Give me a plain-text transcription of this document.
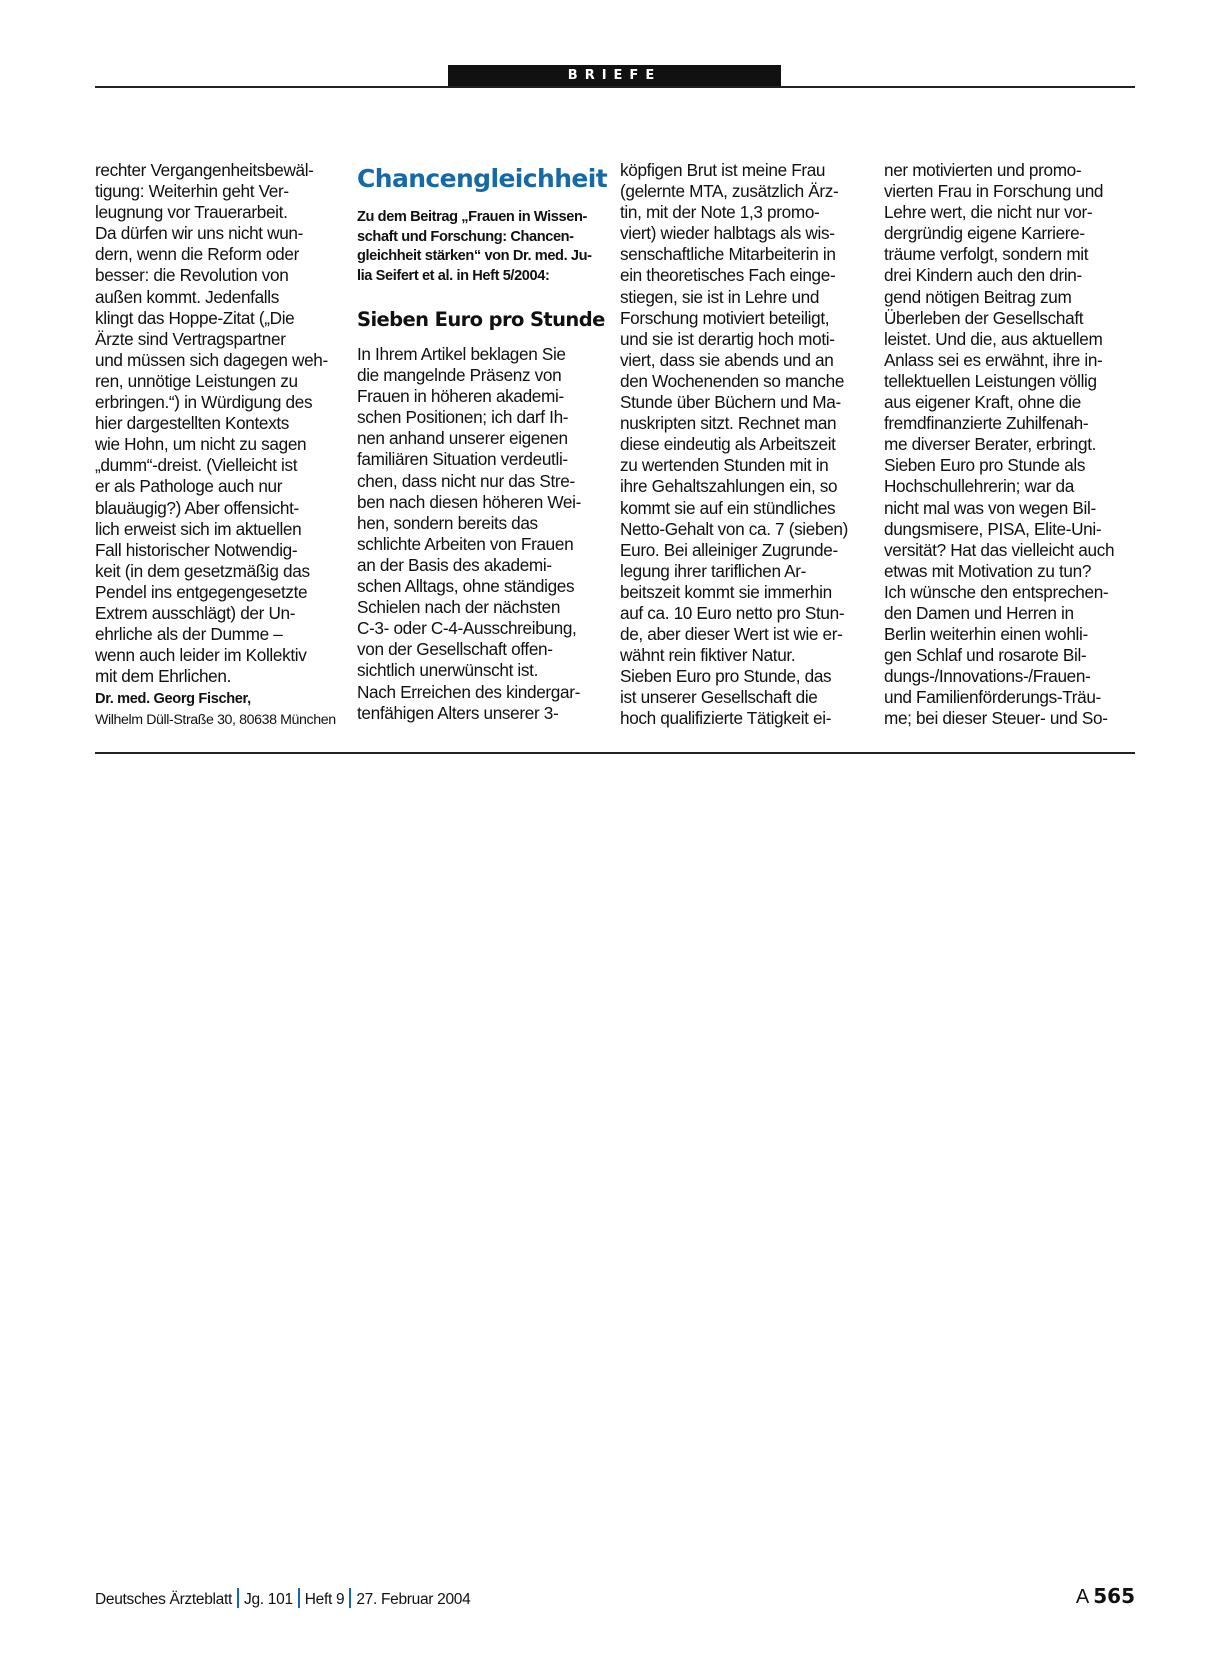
BRIEFE
rechter Vergangenheitsbewäl-
tigung: Weiterhin geht Ver-
leugnung vor Trauerarbeit.
Da dürfen wir uns nicht wun-
dern, wenn die Reform oder
besser: die Revolution von
außen kommt. Jedenfalls
klingt das Hoppe-Zitat („Die
Ärzte sind Vertragspartner
und müssen sich dagegen weh-
ren, unnötige Leistungen zu
erbringen.“) in Würdigung des
hier dargestellten Kontexts
wie Hohn, um nicht zu sagen
„dumm“-dreist. (Vielleicht ist
er als Pathologe auch nur
blauäugig?) Aber offensicht-
lich erweist sich im aktuellen
Fall historischer Notwendig-
keit (in dem gesetzmäßig das
Pendel ins entgegengesetzte
Extrem ausschlägt) der Un-
ehrliche als der Dumme –
wenn auch leider im Kollektiv
mit dem Ehrlichen.
Dr. med. Georg Fischer,
Wilhelm Düll-Straße 30, 80638 München
Chancengleichheit
Zu dem Beitrag „Frauen in Wissen-
schaft und Forschung: Chancen-
gleichheit stärken“ von Dr. med. Ju-
lia Seifert et al. in Heft 5/2004:
Sieben Euro pro Stunde
In Ihrem Artikel beklagen Sie
die mangelnde Präsenz von
Frauen in höheren akademi-
schen Positionen; ich darf Ih-
nen anhand unserer eigenen
familiären Situation verdeutli-
chen, dass nicht nur das Stre-
ben nach diesen höheren Wei-
hen, sondern bereits das
schlichte Arbeiten von Frauen
an der Basis des akademi-
schen Alltags, ohne ständiges
Schielen nach der nächsten
C-3- oder C-4-Ausschreibung,
von der Gesellschaft offen-
sichtlich unerwünscht ist.
Nach Erreichen des kindergar-
tenfähigen Alters unserer 3-
köpfigen Brut ist meine Frau
(gelernte MTA, zusätzlich Ärz-
tin, mit der Note 1,3 promo-
viert) wieder halbtags als wis-
senschaftliche Mitarbeiterin in
ein theoretisches Fach einge-
stiegen, sie ist in Lehre und
Forschung motiviert beteiligt,
und sie ist derartig hoch moti-
viert, dass sie abends und an
den Wochenenden so manche
Stunde über Büchern und Ma-
nuskripten sitzt. Rechnet man
diese eindeutig als Arbeitszeit
zu wertenden Stunden mit in
ihre Gehaltszahlungen ein, so
kommt sie auf ein stündliches
Netto-Gehalt von ca. 7 (sieben)
Euro. Bei alleiniger Zugrunde-
legung ihrer tariflichen Ar-
beitszeit kommt sie immerhin
auf ca. 10 Euro netto pro Stun-
de, aber dieser Wert ist wie er-
wähnt rein fiktiver Natur.
Sieben Euro pro Stunde, das
ist unserer Gesellschaft die
hoch qualifizierte Tätigkeit ei-
ner motivierten und promo-
vierten Frau in Forschung und
Lehre wert, die nicht nur vor-
dergründig eigene Karriere-
träume verfolgt, sondern mit
drei Kindern auch den drin-
gend nötigen Beitrag zum
Überleben der Gesellschaft
leistet. Und die, aus aktuellem
Anlass sei es erwähnt, ihre in-
tellektuellen Leistungen völlig
aus eigener Kraft, ohne die
fremdfinanzierte Zuhilfenah-
me diverser Berater, erbringt.
Sieben Euro pro Stunde als
Hochschullehrerin; war da
nicht mal was von wegen Bil-
dungsmisere, PISA, Elite-Uni-
versität? Hat das vielleicht auch
etwas mit Motivation zu tun?
Ich wünsche den entsprechen-
den Damen und Herren in
Berlin weiterhin einen wohli-
gen Schlaf und rosarote Bil-
dungs-/Innovations-/Frauen-
und Familienförderungs-Träu-
me; bei dieser Steuer- und So-
Deutsches Ärzteblatt Jg. 101 Heft 9 27. Februar 2004	A  565
